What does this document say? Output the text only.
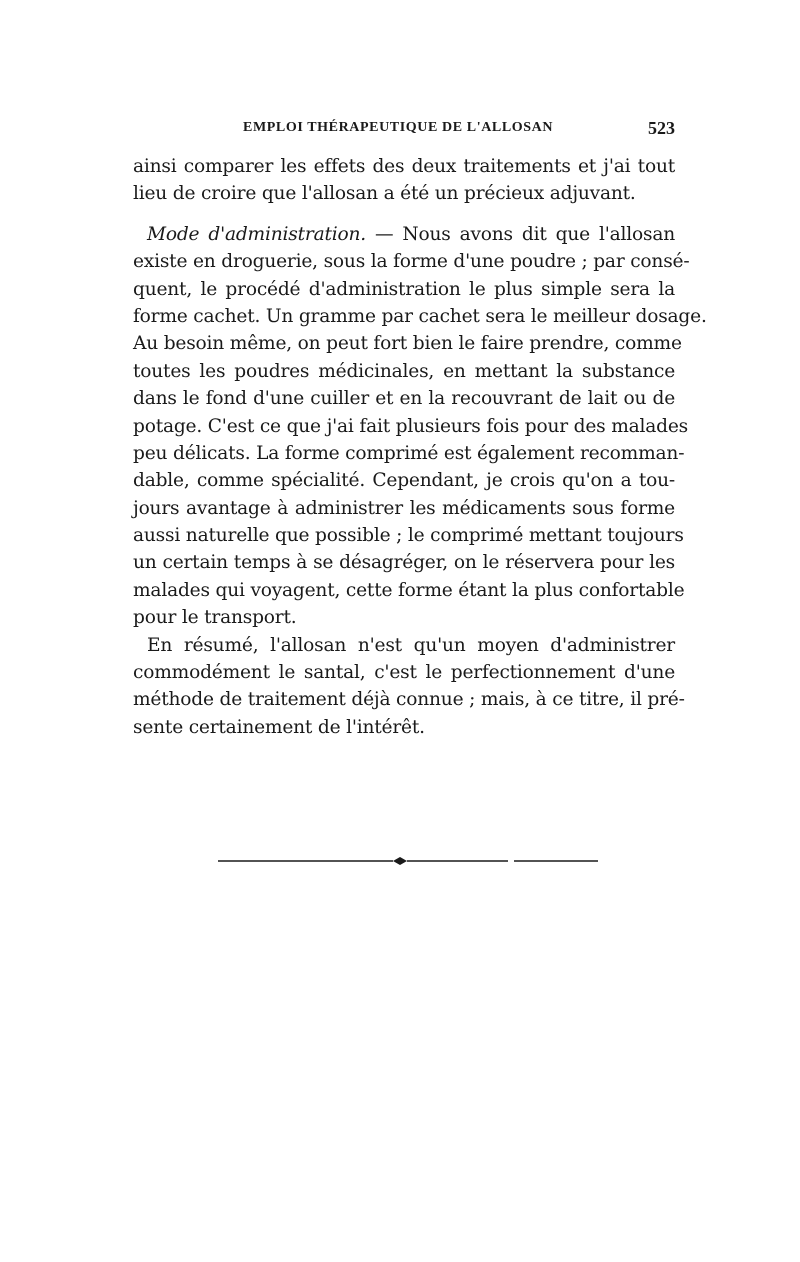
EMPLOI THÉRAPEUTIQUE DE L'ALLOSAN	523
ainsi comparer les effets des deux traitements et j'ai tout
lieu de croire que l'allosan a été un précieux adjuvant.
Mode d'administration. — Nous avons dit que l'allosan
existe en droguerie, sous la forme d'une poudre ; par consé-
quent, le procédé d'administration le plus simple sera la
forme cachet. Un gramme par cachet sera le meilleur dosage.
Au besoin même, on peut fort bien le faire prendre, comme
toutes les poudres médicinales, en mettant la substance
dans le fond d'une cuiller et en la recouvrant de lait ou de
potage. C'est ce que j'ai fait plusieurs fois pour des malades
peu délicats. La forme comprimé est également recomman-
dable, comme spécialité. Cependant, je crois qu'on a tou-
jours avantage à administrer les médicaments sous forme
aussi naturelle que possible ; le comprimé mettant toujours
un certain temps à se désagréger, on le réservera pour les
malades qui voyagent, cette forme étant la plus confortable
pour le transport.
En résumé, l'allosan n'est qu'un moyen d'administrer
commodément le santal, c'est le perfectionnement d'une
méthode de traitement déjà connue ; mais, à ce titre, il pré-
sente certainement de l'intérêt.
